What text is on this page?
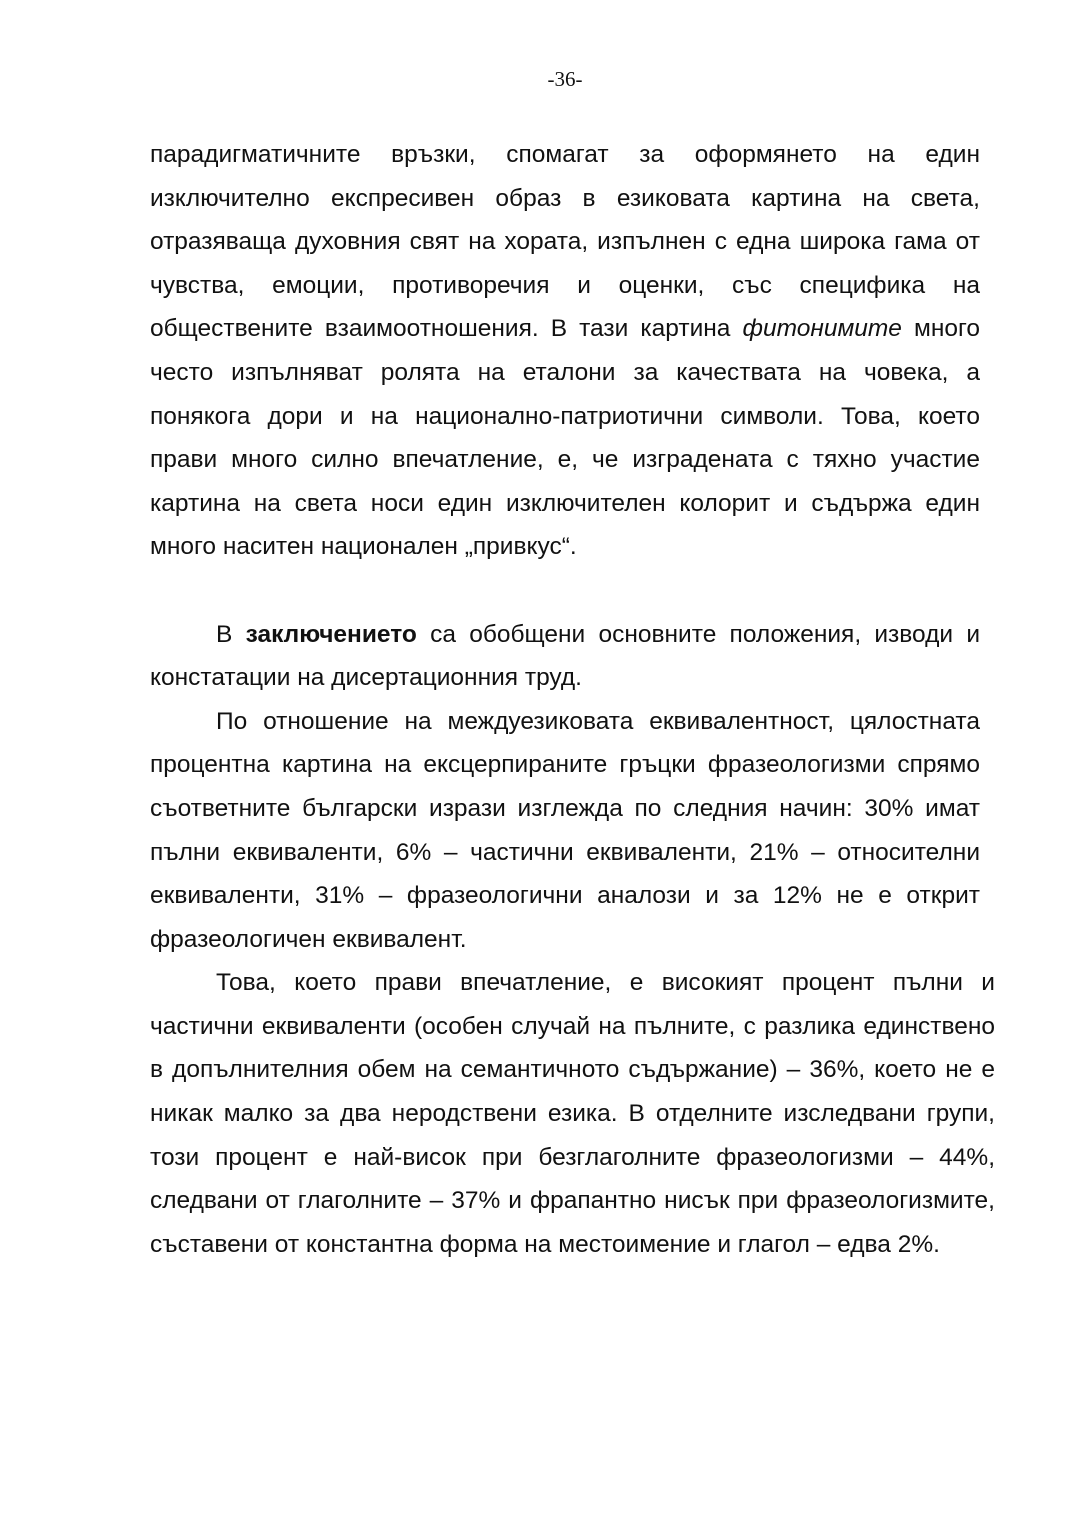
-36-

парадигматичните връзки, спомагат за оформянето на един изключително експресивен образ в езиковата картина на света, отразяваща духовния свят на хората, изпълнен с една широка гама от чувства, емоции, противоречия и оценки, със специфика на обществените взаимоотношения. В тази картина фитонимите много често изпълняват ролята на еталони за качествата на човека, а понякога дори и на национално-патриотични символи. Това, което прави много силно впечатление, е, че изградената с тяхно участие картина на света носи един изключителен колорит и съдържа един много наситен национален „привкус“.

В заключението са обобщени основните положения, изводи и констатации на дисертационния труд.

По отношение на междуезиковата еквивалентност, цялостната процентна картина на ексцерпираните гръцки фразеологизми спрямо съответните български изрази изглежда по следния начин: 30% имат пълни еквиваленти, 6% – частични еквиваленти, 21% – относителни еквиваленти, 31% – фразеологични аналози и за 12% не е открит фразеологичен еквивалент.

Това, което прави впечатление, е високият процент пълни и частични еквиваленти (особен случай на пълните, с разлика единствено в допълнителния обем на семантичното съдържание) – 36%, което не е никак малко за два неродствени езика. В отделните изследвани групи, този процент е най-висок при безглаголните фразеологизми – 44%, следвани от глаголните – 37% и фрапантно нисък при фразеологизмите, съставени от константна форма на местоимение и глагол – едва 2%.
